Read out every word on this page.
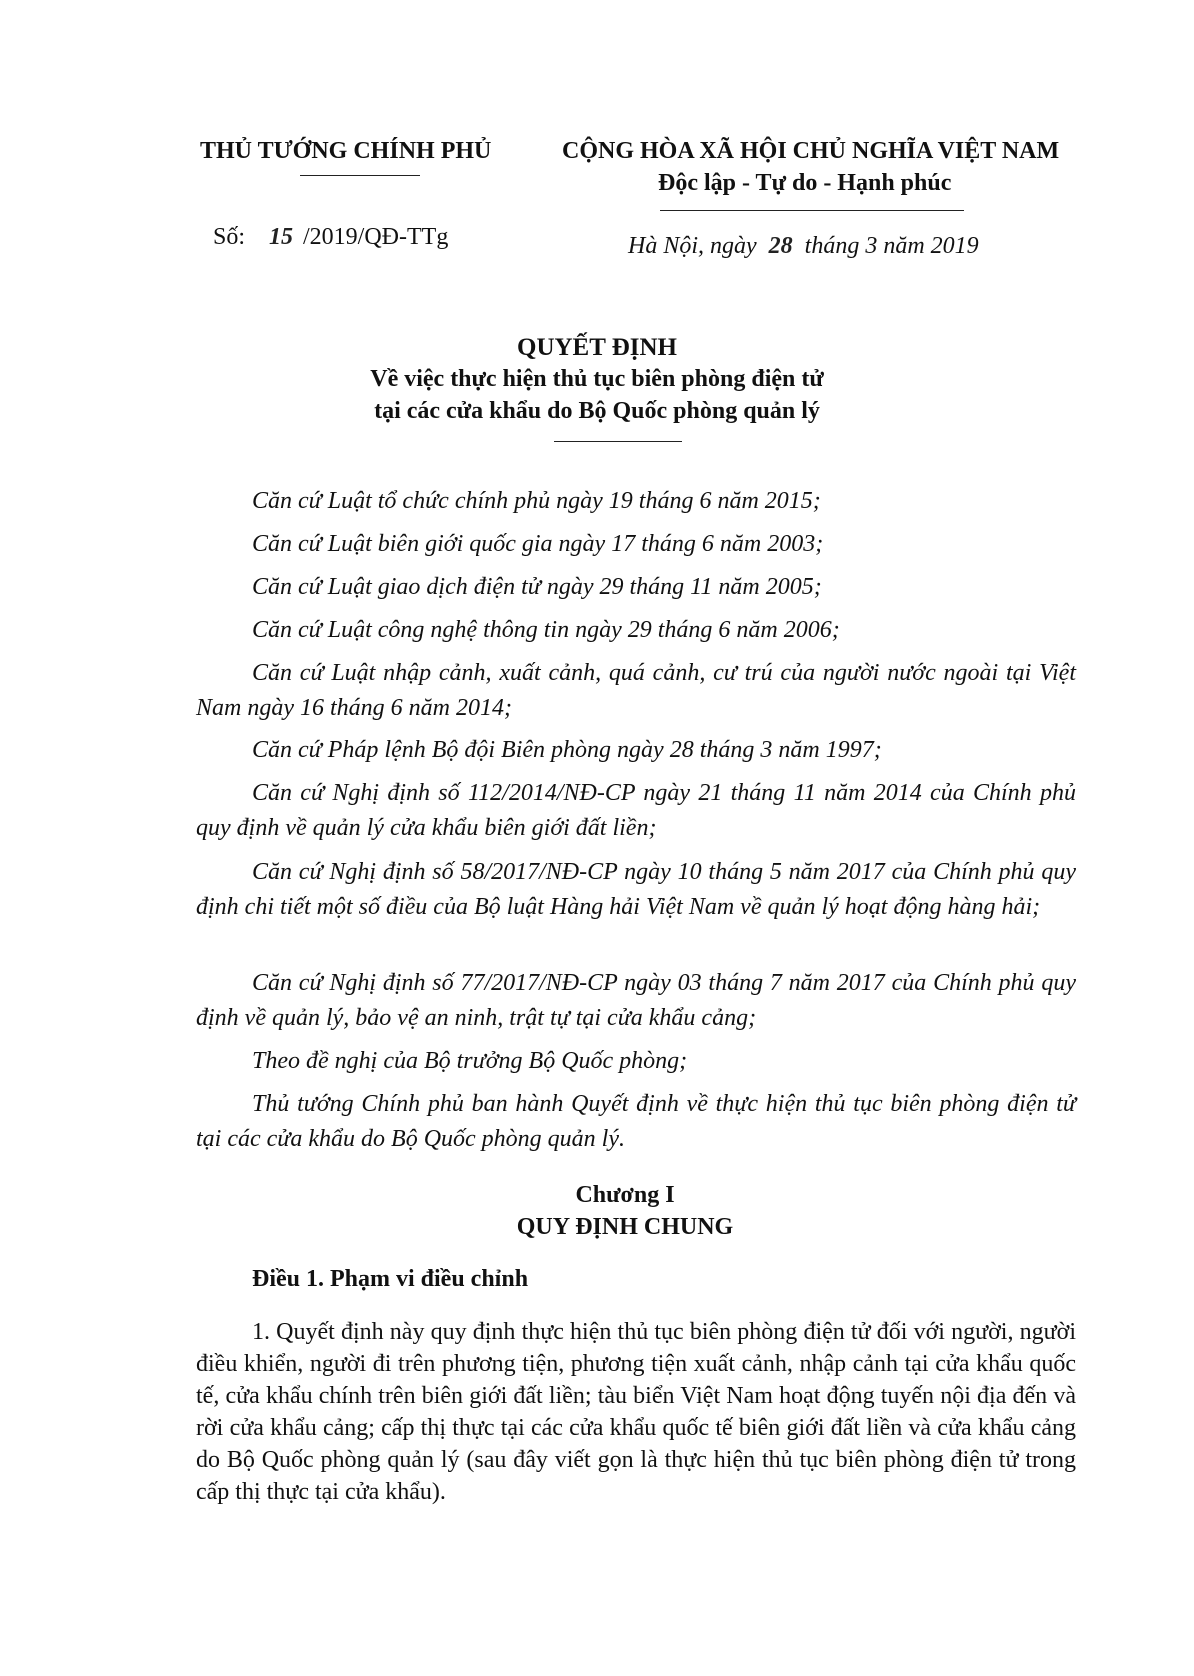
THỦ TƯỚNG CHÍNH PHỦ
Số: 15 /2019/QĐ-TTg
CỘNG HÒA XÃ HỘI CHỦ NGHĨA VIỆT NAM
Độc lập - Tự do - Hạnh phúc
Hà Nội, ngày 28 tháng 3 năm 2019
QUYẾT ĐỊNH
Về việc thực hiện thủ tục biên phòng điện tử
tại các cửa khẩu do Bộ Quốc phòng quản lý
Căn cứ Luật tổ chức chính phủ ngày 19 tháng 6 năm 2015;
Căn cứ Luật biên giới quốc gia ngày 17 tháng 6 năm 2003;
Căn cứ Luật giao dịch điện tử ngày 29 tháng 11 năm 2005;
Căn cứ Luật công nghệ thông tin ngày 29 tháng 6 năm 2006;
Căn cứ Luật nhập cảnh, xuất cảnh, quá cảnh, cư trú của người nước ngoài tại Việt Nam ngày 16 tháng 6 năm 2014;
Căn cứ Pháp lệnh Bộ đội Biên phòng ngày 28 tháng 3 năm 1997;
Căn cứ Nghị định số 112/2014/NĐ-CP ngày 21 tháng 11 năm 2014 của Chính phủ quy định về quản lý cửa khẩu biên giới đất liền;
Căn cứ Nghị định số 58/2017/NĐ-CP ngày 10 tháng 5 năm 2017 của Chính phủ quy định chi tiết một số điều của Bộ luật Hàng hải Việt Nam về quản lý hoạt động hàng hải;
Căn cứ Nghị định số 77/2017/NĐ-CP ngày 03 tháng 7 năm 2017 của Chính phủ quy định về quản lý, bảo vệ an ninh, trật tự tại cửa khẩu cảng;
Theo đề nghị của Bộ trưởng Bộ Quốc phòng;
Thủ tướng Chính phủ ban hành Quyết định về thực hiện thủ tục biên phòng điện tử tại các cửa khẩu do Bộ Quốc phòng quản lý.
Chương I
QUY ĐỊNH CHUNG
Điều 1. Phạm vi điều chỉnh
1. Quyết định này quy định thực hiện thủ tục biên phòng điện tử đối với người, người điều khiển, người đi trên phương tiện, phương tiện xuất cảnh, nhập cảnh tại cửa khẩu quốc tế, cửa khẩu chính trên biên giới đất liền; tàu biển Việt Nam hoạt động tuyến nội địa đến và rời cửa khẩu cảng; cấp thị thực tại các cửa khẩu quốc tế biên giới đất liền và cửa khẩu cảng do Bộ Quốc phòng quản lý (sau đây viết gọn là thực hiện thủ tục biên phòng điện tử trong cấp thị thực tại cửa khẩu).
